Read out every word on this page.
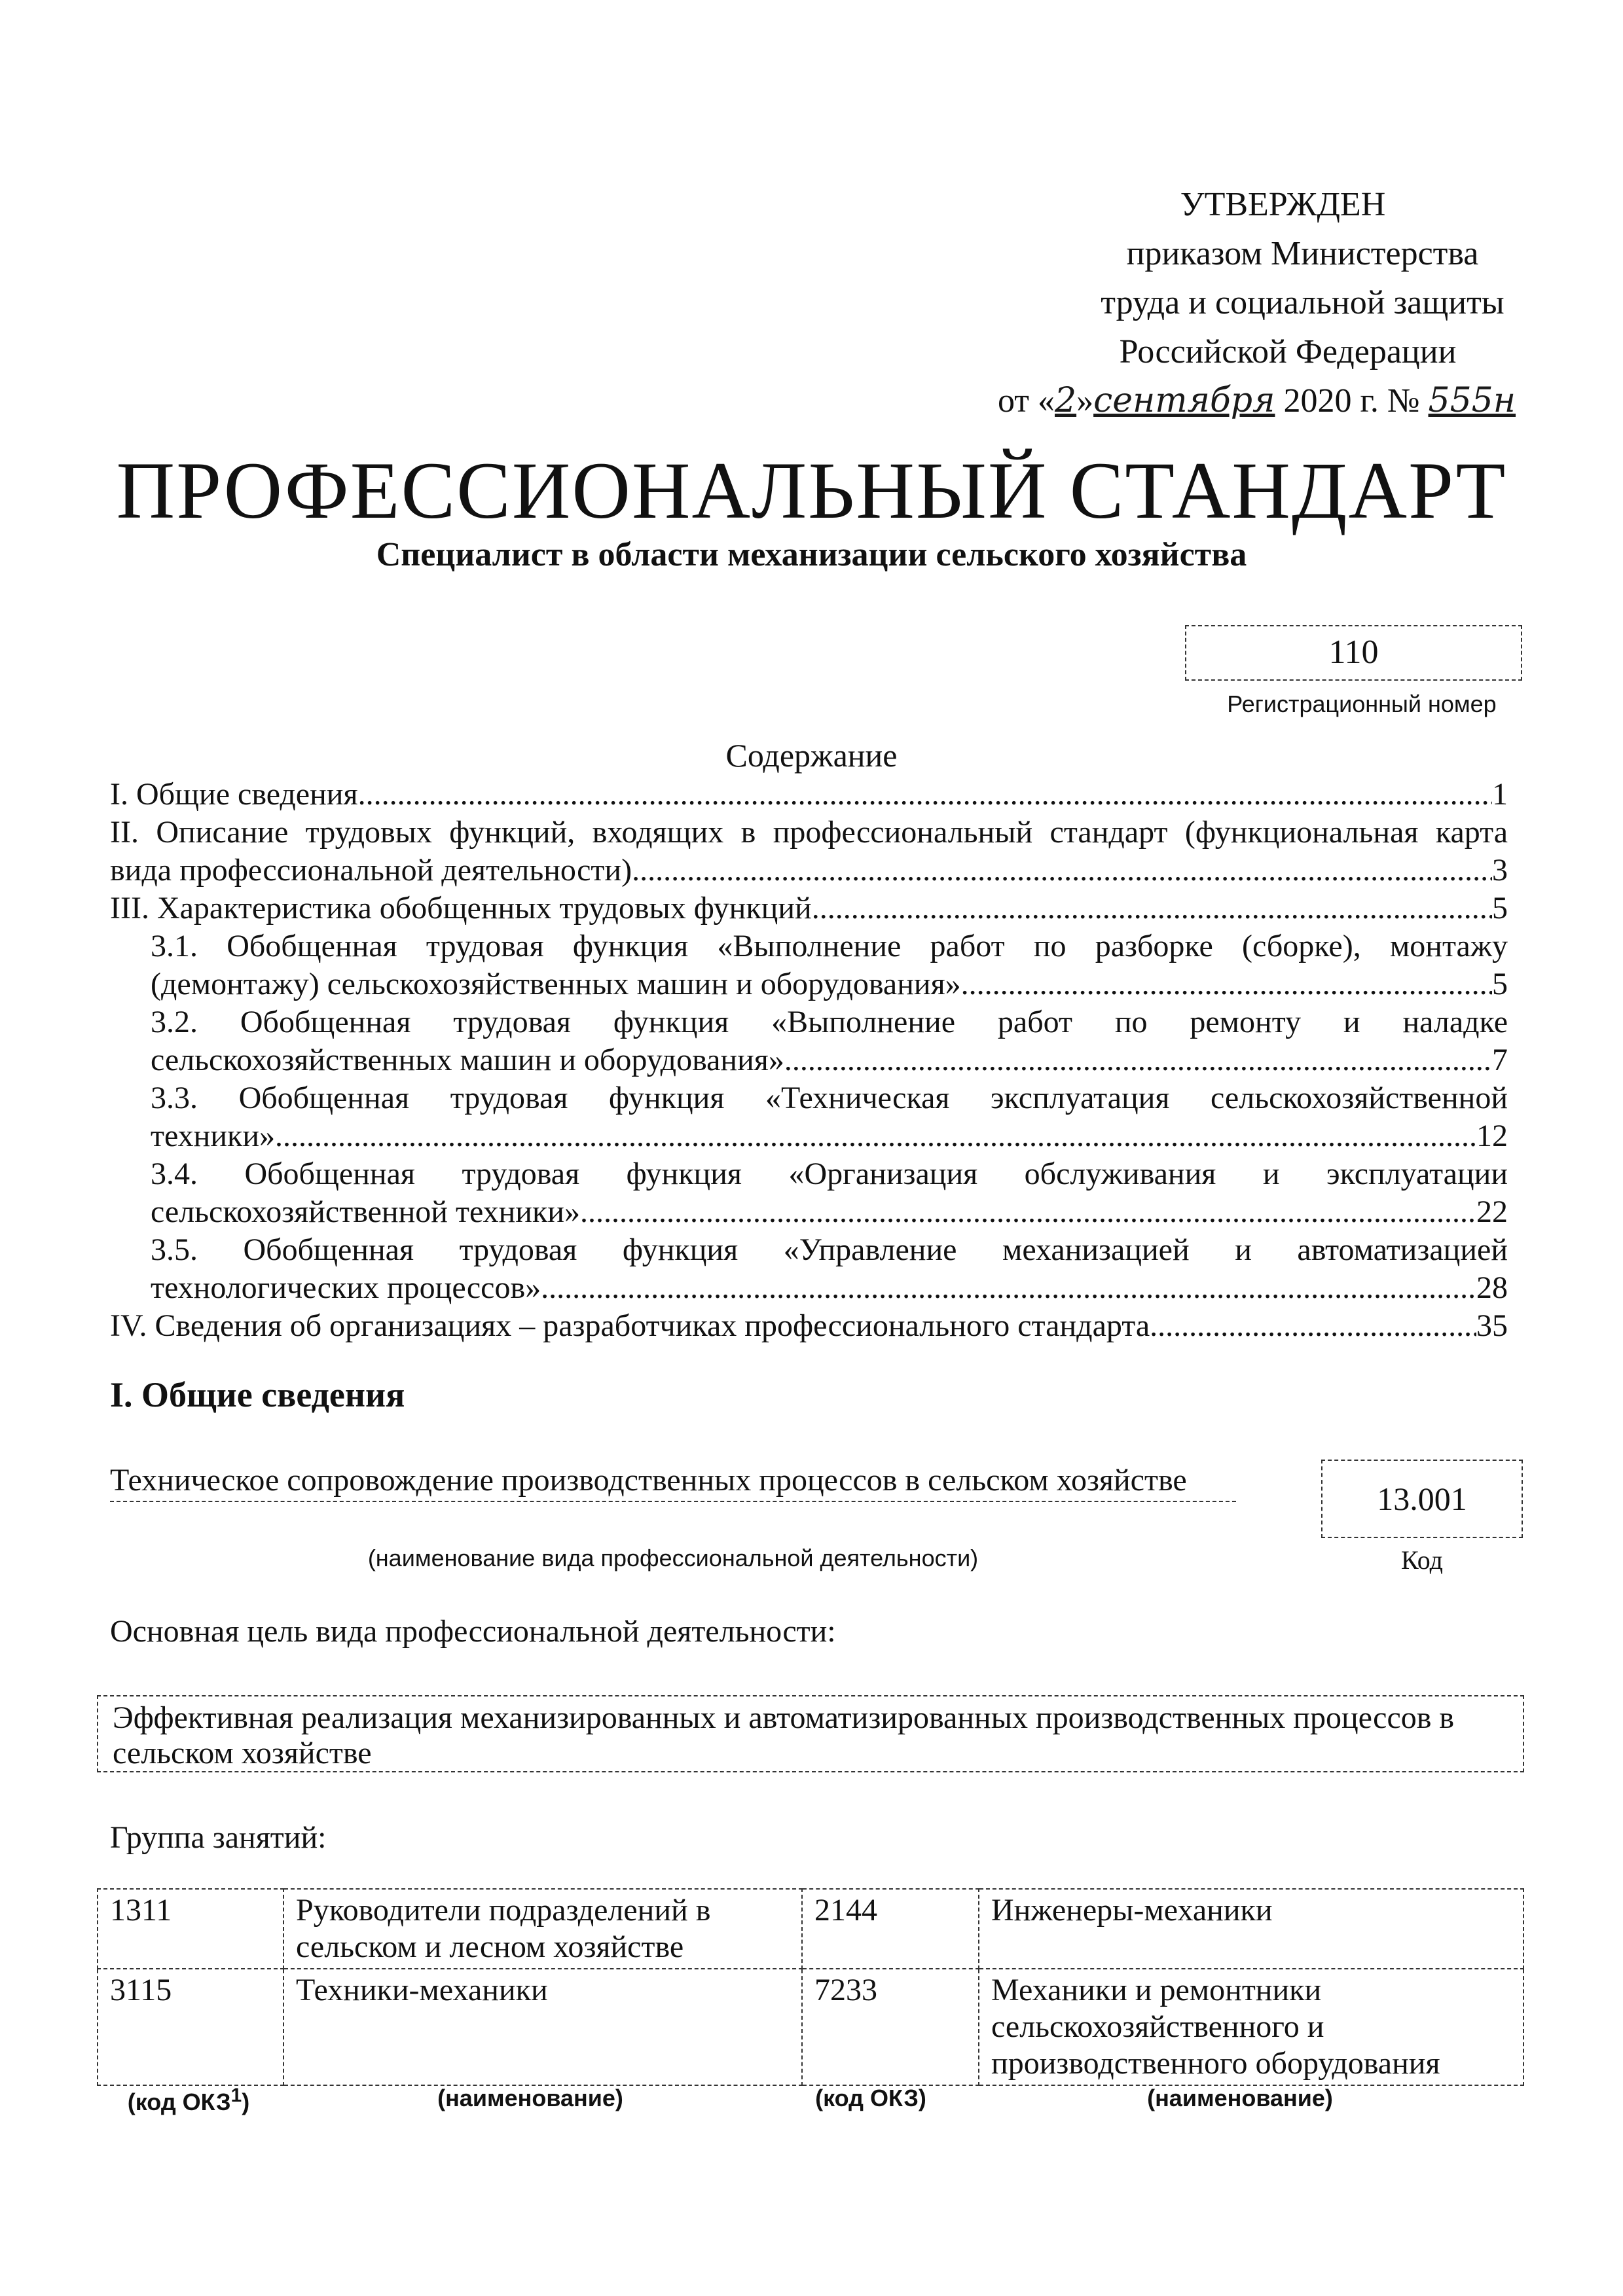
УТВЕРЖДЕН
приказом Министерства
труда и социальной защиты
Российской Федерации
от «2»сентября 2020 г. № 555н
ПРОФЕССИОНАЛЬНЫЙ СТАНДАРТ
Специалист в области механизации сельского хозяйства
110
Регистрационный номер
Содержание
I. Общие сведения .....	1
II. Описание трудовых функций, входящих в профессиональный стандарт (функциональная карта
вида профессиональной деятельности) .....	3
III. Характеристика обобщенных трудовых функций .....	5
3.1. Обобщенная трудовая функция «Выполнение работ по разборке (сборке), монтажу
(демонтажу) сельскохозяйственных машин и оборудования» .....	5
3.2. Обобщенная трудовая функция «Выполнение работ по ремонту и наладке
сельскохозяйственных машин и оборудования» .....	7
3.3. Обобщенная трудовая функция «Техническая эксплуатация сельскохозяйственной
техники» .....	12
3.4. Обобщенная трудовая функция «Организация обслуживания и эксплуатации
сельскохозяйственной техники» .....	22
3.5. Обобщенная трудовая функция «Управление механизацией и автоматизацией
технологических процессов» .....	28
IV. Сведения об организациях – разработчиках профессионального стандарта .....	35
I. Общие сведения
Техническое сопровождение производственных процессов в сельском хозяйстве
(наименование вида профессиональной деятельности)
13.001
Код
Основная цель вида профессиональной деятельности:
Эффективная реализация механизированных и автоматизированных производственных процессов в сельском хозяйстве
Группа занятий:
1311	Руководители подразделений в сельском и лесном хозяйстве	2144	Инженеры-механики
3115	Техники-механики	7233	Механики и ремонтники сельскохозяйственного и производственного оборудования
(код ОКЗ$^1$)	(наименование)	(код ОКЗ)	(наименование)
